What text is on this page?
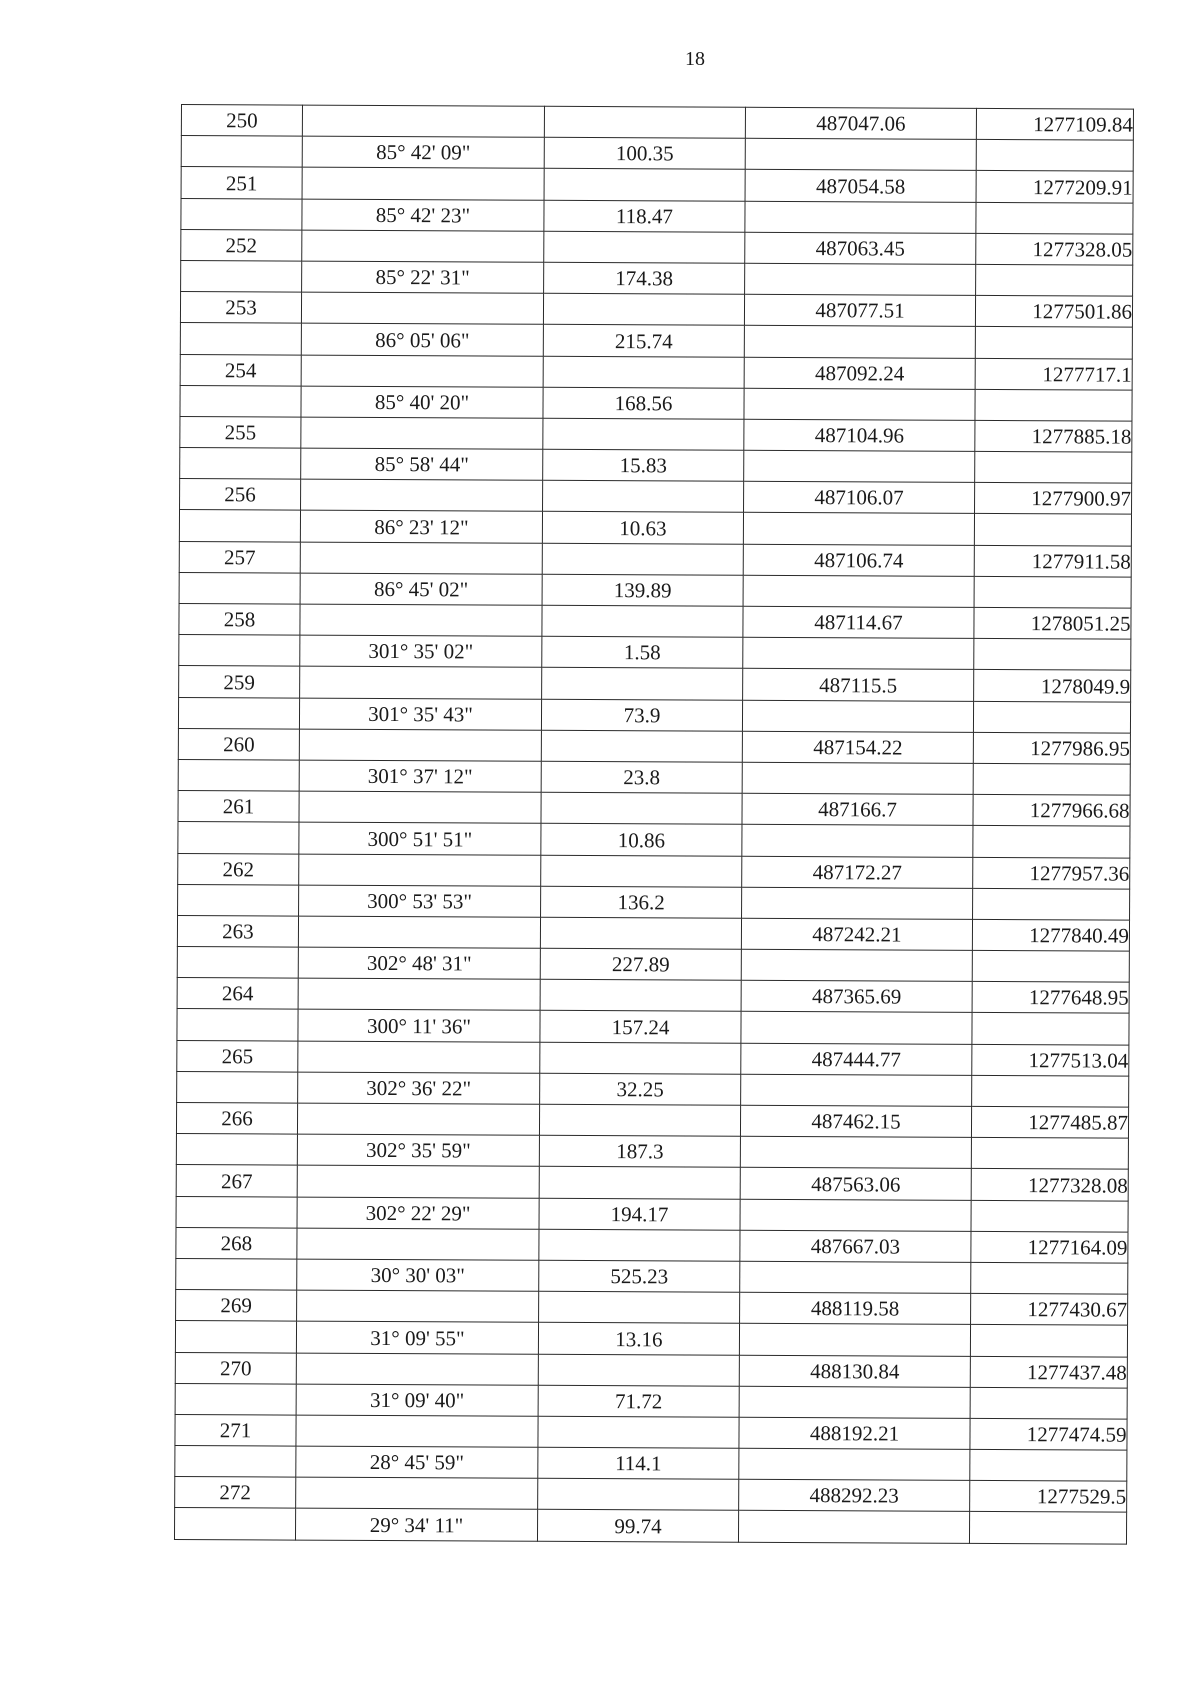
18
250			487047.06	1277109.84
	85° 42' 09"	100.35		
251			487054.58	1277209.91
	85° 42' 23"	118.47		
252			487063.45	1277328.05
	85° 22' 31"	174.38		
253			487077.51	1277501.86
	86° 05' 06"	215.74		
254			487092.24	1277717.1
	85° 40' 20"	168.56		
255			487104.96	1277885.18
	85° 58' 44"	15.83		
256			487106.07	1277900.97
	86° 23' 12"	10.63		
257			487106.74	1277911.58
	86° 45' 02"	139.89		
258			487114.67	1278051.25
	301° 35' 02"	1.58		
259			487115.5	1278049.9
	301° 35' 43"	73.9		
260			487154.22	1277986.95
	301° 37' 12"	23.8		
261			487166.7	1277966.68
	300° 51' 51"	10.86		
262			487172.27	1277957.36
	300° 53' 53"	136.2		
263			487242.21	1277840.49
	302° 48' 31"	227.89		
264			487365.69	1277648.95
	300° 11' 36"	157.24		
265			487444.77	1277513.04
	302° 36' 22"	32.25		
266			487462.15	1277485.87
	302° 35' 59"	187.3		
267			487563.06	1277328.08
	302° 22' 29"	194.17		
268			487667.03	1277164.09
	30° 30' 03"	525.23		
269			488119.58	1277430.67
	31° 09' 55"	13.16		
270			488130.84	1277437.48
	31° 09' 40"	71.72		
271			488192.21	1277474.59
	28° 45' 59"	114.1		
272			488292.23	1277529.5
	29° 34' 11"	99.74		
